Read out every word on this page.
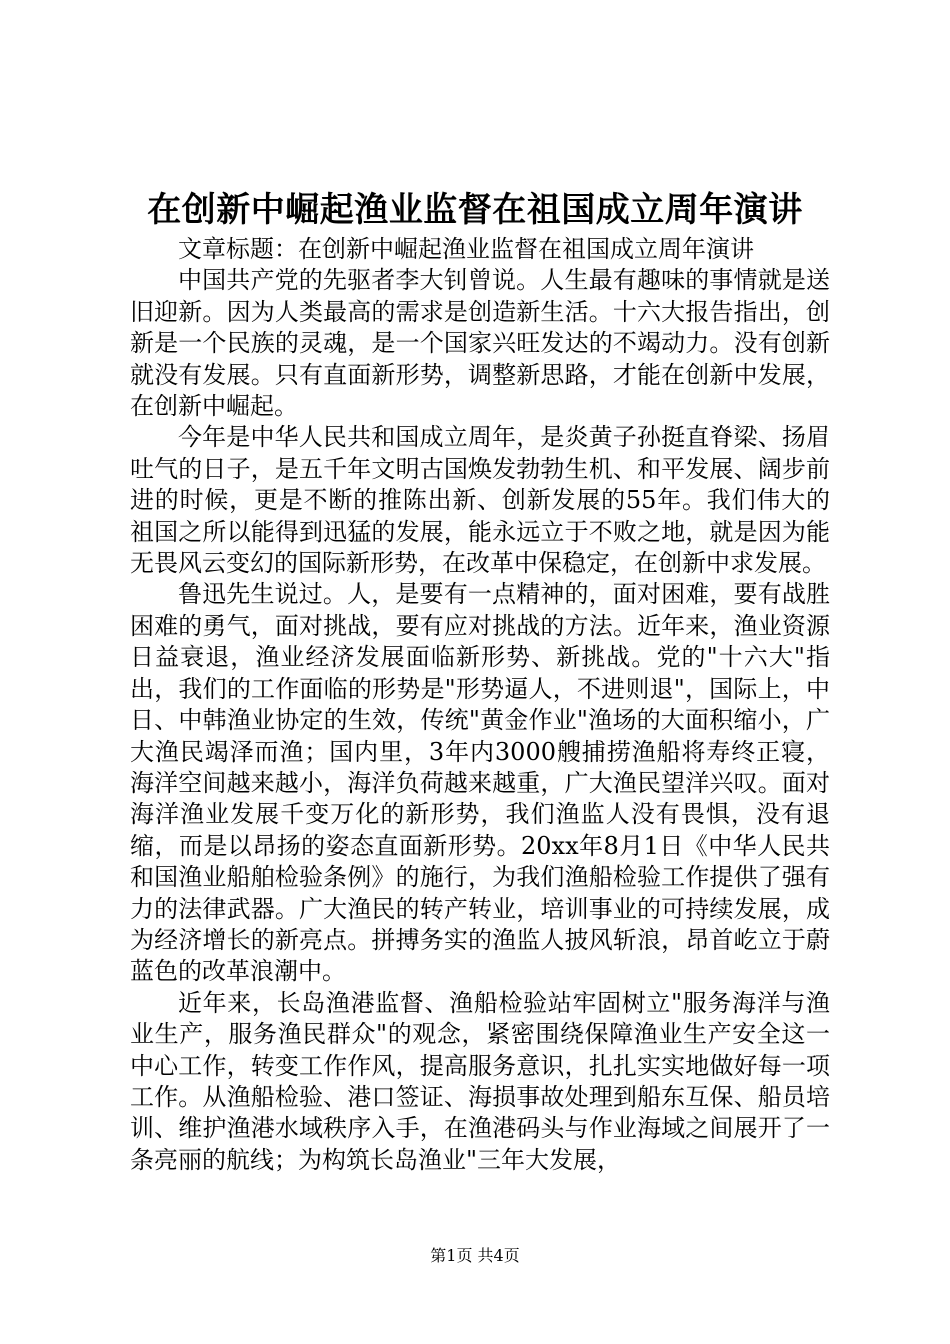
在创新中崛起渔业监督在祖国成立周年演讲

文章标题：在创新中崛起渔业监督在祖国成立周年演讲

中国共产党的先驱者李大钊曾说。人生最有趣味的事情就是送旧迎新。因为人类最高的需求是创造新生活。十六大报告指出，创新是一个民族的灵魂，是一个国家兴旺发达的不竭动力。没有创新就没有发展。只有直面新形势，调整新思路，才能在创新中发展，在创新中崛起。

今年是中华人民共和国成立周年，是炎黄子孙挺直脊梁、扬眉吐气的日子，是五千年文明古国焕发勃勃生机、和平发展、阔步前进的时候，更是不断的推陈出新、创新发展的55年。我们伟大的祖国之所以能得到迅猛的发展，能永远立于不败之地，就是因为能无畏风云变幻的国际新形势，在改革中保稳定，在创新中求发展。

鲁迅先生说过。人，是要有一点精神的，面对困难，要有战胜困难的勇气，面对挑战，要有应对挑战的方法。近年来，渔业资源日益衰退，渔业经济发展面临新形势、新挑战。党的"十六大"指出，我们的工作面临的形势是"形势逼人，不进则退"，国际上，中日、中韩渔业协定的生效，传统"黄金作业"渔场的大面积缩小，广大渔民竭泽而渔；国内里，3年内3000艘捕捞渔船将寿终正寝，海洋空间越来越小，海洋负荷越来越重，广大渔民望洋兴叹。面对海洋渔业发展千变万化的新形势，我们渔监人没有畏惧，没有退缩，而是以昂扬的姿态直面新形势。20xx年8月1日《中华人民共和国渔业船舶检验条例》的施行，为我们渔船检验工作提供了强有力的法律武器。广大渔民的转产转业，培训事业的可持续发展，成为经济增长的新亮点。拼搏务实的渔监人披风斩浪，昂首屹立于蔚蓝色的改革浪潮中。

近年来，长岛渔港监督、渔船检验站牢固树立"服务海洋与渔业生产，服务渔民群众"的观念，紧密围绕保障渔业生产安全这一中心工作，转变工作作风，提高服务意识，扎扎实实地做好每一项工作。从渔船检验、港口签证、海损事故处理到船东互保、船员培训、维护渔港水域秩序入手，在渔港码头与作业海域之间展开了一条亮丽的航线；为构筑长岛渔业"三年大发展，

第1页 共4页
